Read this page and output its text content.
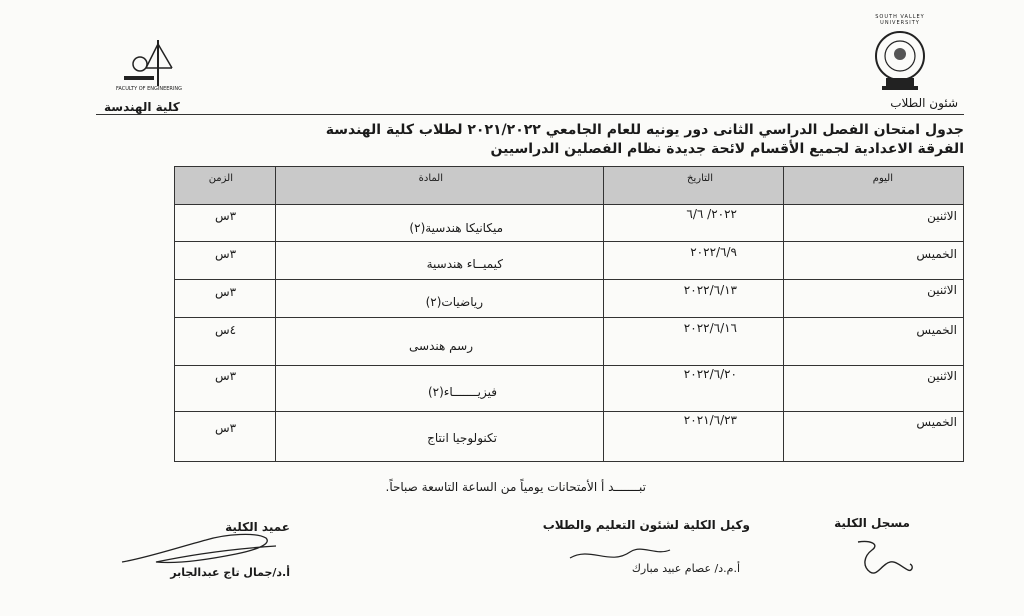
SOUTH VALLEY UNIVERSITY
FACULTY OF ENGINEERING
شئون الطلاب
كلية الهندسة
جدول امتحان الفصل الدراسي الثانى دور يونيه للعام الجامعي ٢٠٢١/٢٠٢٢ لطلاب كلية الهندسة
الفرقة الاعدادية لجميع الأقسام لائحة جديدة نظام الفصلين الدراسيين
اليوم
التاريخ
المادة
الزمن
الاثنين
٢٠٢٢/ ٦/٦
ميكانيكا هندسية(٢)
٣س
الخميس
٢٠٢٢/٦/٩
كيميــاء هندسية
٣س
الاثنين
٢٠٢٢/٦/١٣
رياضيات(٢)
٣س
الخميس
٢٠٢٢/٦/١٦
رسم هندسى
٤س
الاثنين
٢٠٢٢/٦/٢٠
فيزيـــــــاء(٢)
٣س
الخميس
٢٠٢١/٦/٢٣
تكنولوجيا انتاج
٣س
تبـــــــد أ الأمتحانات يومياً من الساعة التاسعة صباحاً.
مسجل الكلية
وكيل الكلية لشئون التعليم والطلاب
أ.م.د/ عصام عبيد مبارك
عميد الكلية
أ.د/جمال تاج عبدالجابر
